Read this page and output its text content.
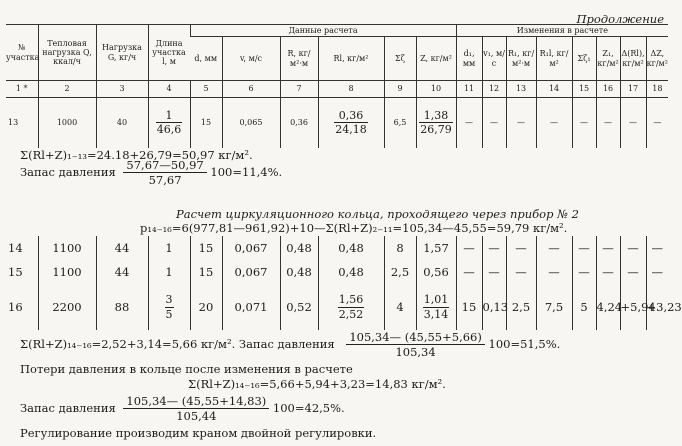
Продолжение
№ участка	Тепловая нагрузка Q, ккал/ч	Нагрузка G, кг/ч	Длина участка l, м	Данные расчета						Изменения в расчете							
				d, мм	v, м/с	R, кг/м²·м	Rl, кг/м²	Σζ	Z, кг/м²	d₁, мм	v₁, м/с	R₁, кг/м²·м	R₁l, кг/м²	Σζ₁	Z₁, кг/м²	Δ(Rl), кг/м²	ΔZ, кг/м²
1 *	2	3	4	5	6	7	8	9	10	11	12	13	14	15	16	17	18
13	1000	40	$\frac{1}{46,6}$	15	0,065	0,36	$\frac{0,36}{24,18}$	6,5	$\frac{1,38}{26,79}$	—	—	—	—	—	—	—	—
Σ(Rl+Z)₁₋₁₃=24.18+26,79=50,97 кг/м².
Запас давления $\frac{57,67—50,97}{57,67} 100=11,4\%$.
Расчет циркуляционного кольца, проходящего через прибор № 2
p₁₄₋₁₆=6(977,81—961,92)+10—Σ(Rl+Z)₂₋₁₁=105,34—45,55=59,79 кг/м².
14	1100	44	1	15	0,067	0,48	0,48	8	1,57	—	—	—	—	—	—	—	—
15	1100	44	1	15	0,067	0,48	0,48	2,5	0,56	—	—	—	—	—	—	—	—
16	2200	88	$\frac{3}{5}$	20	0,071	0,52	$\frac{1,56}{2,52}$	4	$\frac{1,01}{3,14}$	15	0,13	2,5	7,5	5	4,24	+5,94	+3,23
Σ(Rl+Z)₁₄₋₁₆=2,52+3,14=5,66 кг/м². Запас давления $\frac{105,34— (45,55+5,66)}{105,34} 100=51,5\%$.
Потери давления в кольце после изменения в расчете
Σ(Rl+Z)₁₄₋₁₆=5,66+5,94+3,23=14,83 кг/м².
Запас давления $\frac{105,34— (45,55+14,83)}{105,44} 100=42,5\%$.
Регулирование производим краном двойной регулировки.
